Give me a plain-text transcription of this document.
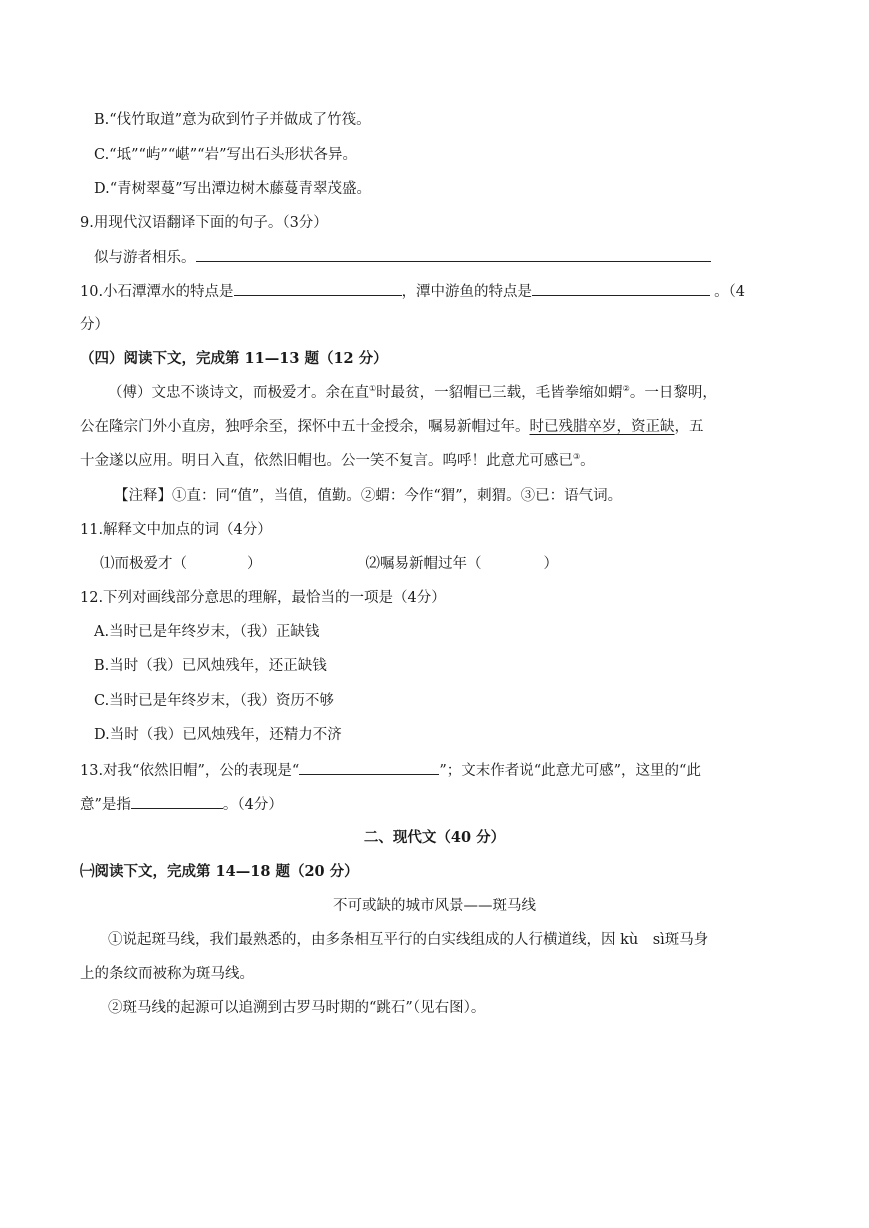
B.“伐竹取道”意为砍到竹子并做成了竹筏。
C.“坻”“屿”“嵁”“岩”写出石头形状各异。
D.“青树翠蔓”写出潭边树木藤蔓青翠茂盛。
9.用现代汉语翻译下面的句子。（3分）
似与游者相乐。
10.小石潭潭水的特点是	，潭中游鱼的特点是	。（4
分）
（四）阅读下文，完成第 11—13 题（12 分）
（傅）文忠不谈诗文，而极爱才。余在直①时最贫，一貂帽已三载，毛皆拳缩如蝟②。一日黎明，
公在隆宗门外小直房，独呼余至，探怀中五十金授余，嘱易新帽过年。时已残腊卒岁，资正缺，五
十金遂以应用。明日入直，依然旧帽也。公一笑不复言。呜呼！此意尤可感已③。
【注释】①直：同“值”，当值，值勤。②蝟：今作“猬”，刺猬。③已：语气词。
11.解释文中加点的词（4分）
⑴而极爱才（	）	⑵嘱易新帽过年（	）
12.下列对画线部分意思的理解，最恰当的一项是（4分）
A.当时已是年终岁末，（我）正缺钱
B.当时（我）已风烛残年，还正缺钱
C.当时已是年终岁末，（我）资历不够
D.当时（我）已风烛残年，还精力不济
13.对我“依然旧帽”，公的表现是“	”；文末作者说“此意尤可感”，这里的“此
意”是指	。（4分）
二、现代文（40 分）
㈠阅读下文，完成第 14—18 题（20 分）
不可或缺的城市风景——斑马线
①说起斑马线，我们最熟悉的，由多条相互平行的白实线组成的人行横道线，因 kù　sì斑马身
上的条纹而被称为斑马线。
②斑马线的起源可以追溯到古罗马时期的“跳石”（见右图）。
